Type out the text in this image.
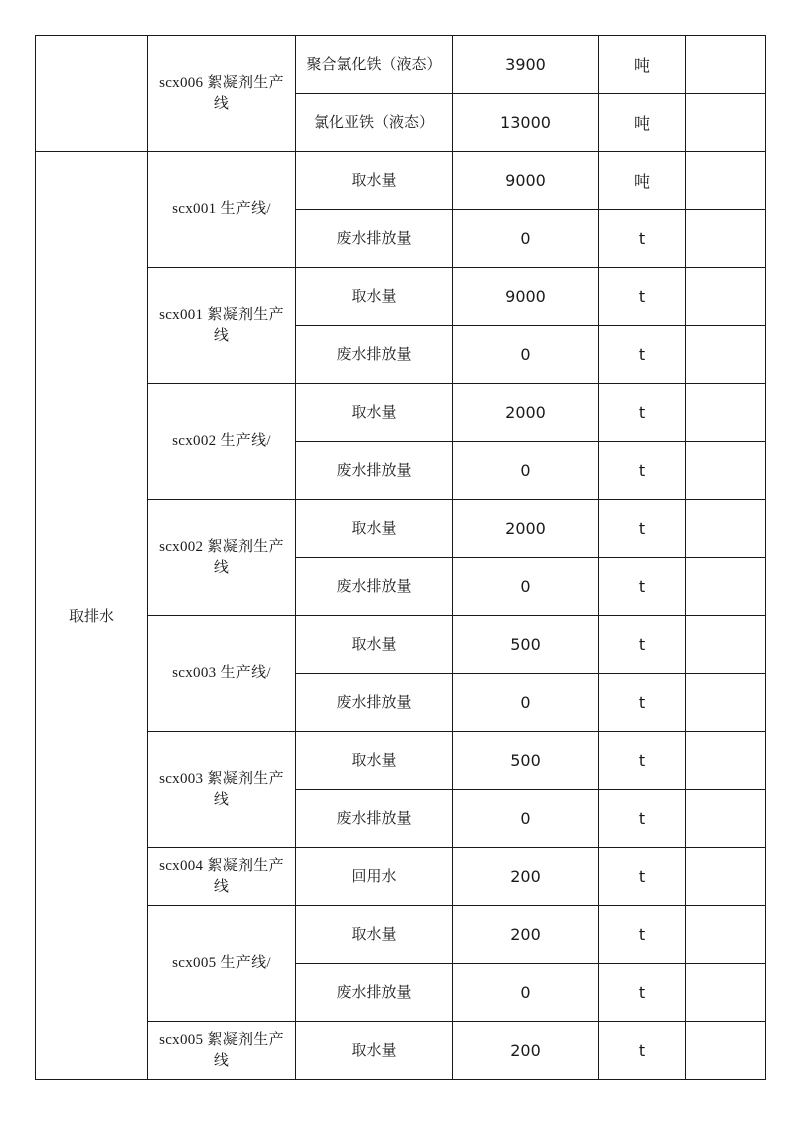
	scx006 絮凝剂生产线	聚合氯化铁（液态）	3900	吨	
		氯化亚铁（液态）	13000	吨	
取排水	scx001 生产线/	取水量	9000	吨	
		废水排放量	0	t	
	scx001 絮凝剂生产线	取水量	9000	t	
		废水排放量	0	t	
	scx002 生产线/	取水量	2000	t	
		废水排放量	0	t	
	scx002 絮凝剂生产线	取水量	2000	t	
		废水排放量	0	t	
	scx003 生产线/	取水量	500	t	
		废水排放量	0	t	
	scx003 絮凝剂生产线	取水量	500	t	
		废水排放量	0	t	
	scx004 絮凝剂生产线	回用水	200	t	
	scx005 生产线/	取水量	200	t	
		废水排放量	0	t	
	scx005 絮凝剂生产线	取水量	200	t	
